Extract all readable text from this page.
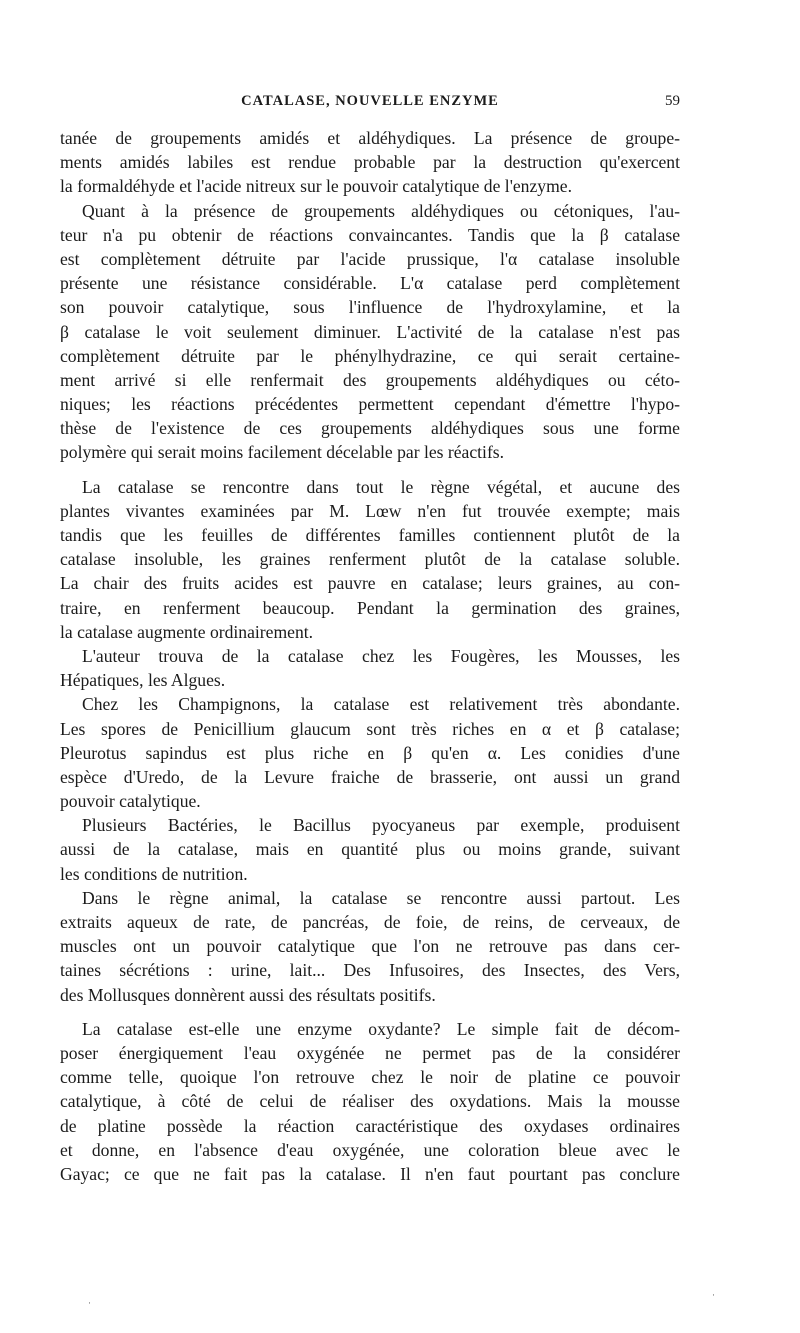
CATALASE, NOUVELLE ENZYME	59
tanée de groupements amidés et aldéhydiques. La présence de groupe-
ments amidés labiles est rendue probable par la destruction qu'exercent
la formaldéhyde et l'acide nitreux sur le pouvoir catalytique de l'enzyme.
Quant à la présence de groupements aldéhydiques ou cétoniques, l'au-
teur n'a pu obtenir de réactions convaincantes. Tandis que la β catalase
est complètement détruite par l'acide prussique, l'α catalase insoluble
présente une résistance considérable. L'α catalase perd complètement
son pouvoir catalytique, sous l'influence de l'hydroxylamine, et la
β catalase le voit seulement diminuer. L'activité de la catalase n'est pas
complètement détruite par le phénylhydrazine, ce qui serait certaine-
ment arrivé si elle renfermait des groupements aldéhydiques ou céto-
niques; les réactions précédentes permettent cependant d'émettre l'hypo-
thèse de l'existence de ces groupements aldéhydiques sous une forme
polymère qui serait moins facilement décelable par les réactifs.
La catalase se rencontre dans tout le règne végétal, et aucune des
plantes vivantes examinées par M. Lœw n'en fut trouvée exempte; mais
tandis que les feuilles de différentes familles contiennent plutôt de la
catalase insoluble, les graines renferment plutôt de la catalase soluble.
La chair des fruits acides est pauvre en catalase; leurs graines, au con-
traire, en renferment beaucoup. Pendant la germination des graines,
la catalase augmente ordinairement.
L'auteur trouva de la catalase chez les Fougères, les Mousses, les
Hépatiques, les Algues.
Chez les Champignons, la catalase est relativement très abondante.
Les spores de Penicillium glaucum sont très riches en α et β catalase;
Pleurotus sapindus est plus riche en β qu'en α. Les conidies d'une
espèce d'Uredo, de la Levure fraiche de brasserie, ont aussi un grand
pouvoir catalytique.
Plusieurs Bactéries, le Bacillus pyocyaneus par exemple, produisent
aussi de la catalase, mais en quantité plus ou moins grande, suivant
les conditions de nutrition.
Dans le règne animal, la catalase se rencontre aussi partout. Les
extraits aqueux de rate, de pancréas, de foie, de reins, de cerveaux, de
muscles ont un pouvoir catalytique que l'on ne retrouve pas dans cer-
taines sécrétions : urine, lait... Des Infusoires, des Insectes, des Vers,
des Mollusques donnèrent aussi des résultats positifs.
La catalase est-elle une enzyme oxydante? Le simple fait de décom-
poser énergiquement l'eau oxygénée ne permet pas de la considérer
comme telle, quoique l'on retrouve chez le noir de platine ce pouvoir
catalytique, à côté de celui de réaliser des oxydations. Mais la mousse
de platine possède la réaction caractéristique des oxydases ordinaires
et donne, en l'absence d'eau oxygénée, une coloration bleue avec le
Gayac; ce que ne fait pas la catalase. Il n'en faut pourtant pas conclure
·
·
